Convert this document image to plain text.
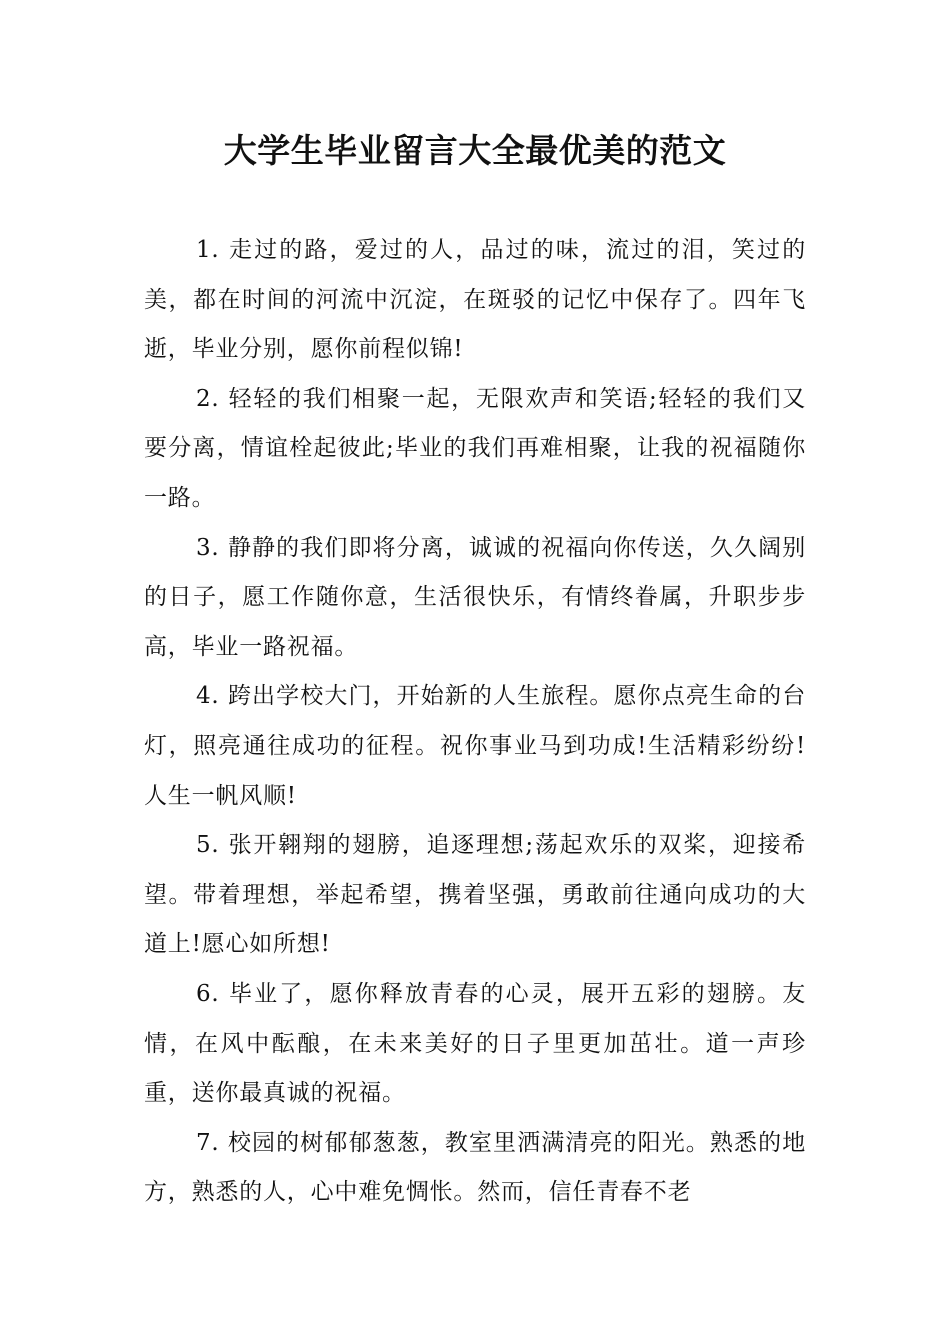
大学生毕业留言大全最优美的范文

1. 走过的路，爱过的人，品过的味，流过的泪，笑过的美，都在时间的河流中沉淀，在斑驳的记忆中保存了。四年飞逝，毕业分别，愿你前程似锦!

2. 轻轻的我们相聚一起，无限欢声和笑语;轻轻的我们又要分离，情谊栓起彼此;毕业的我们再难相聚，让我的祝福随你一路。

3. 静静的我们即将分离，诚诚的祝福向你传送，久久阔别的日子，愿工作随你意，生活很快乐，有情终眷属，升职步步高，毕业一路祝福。

4. 跨出学校大门，开始新的人生旅程。愿你点亮生命的台灯，照亮通往成功的征程。祝你事业马到功成!生活精彩纷纷!人生一帆风顺!

5. 张开翱翔的翅膀，追逐理想;荡起欢乐的双桨，迎接希望。带着理想，举起希望，携着坚强，勇敢前往通向成功的大道上!愿心如所想!

6. 毕业了，愿你释放青春的心灵，展开五彩的翅膀。友情，在风中酝酿，在未来美好的日子里更加茁壮。道一声珍重，送你最真诚的祝福。

7. 校园的树郁郁葱葱，教室里洒满清亮的阳光。熟悉的地方，熟悉的人，心中难免惆怅。然而，信任青春不老
